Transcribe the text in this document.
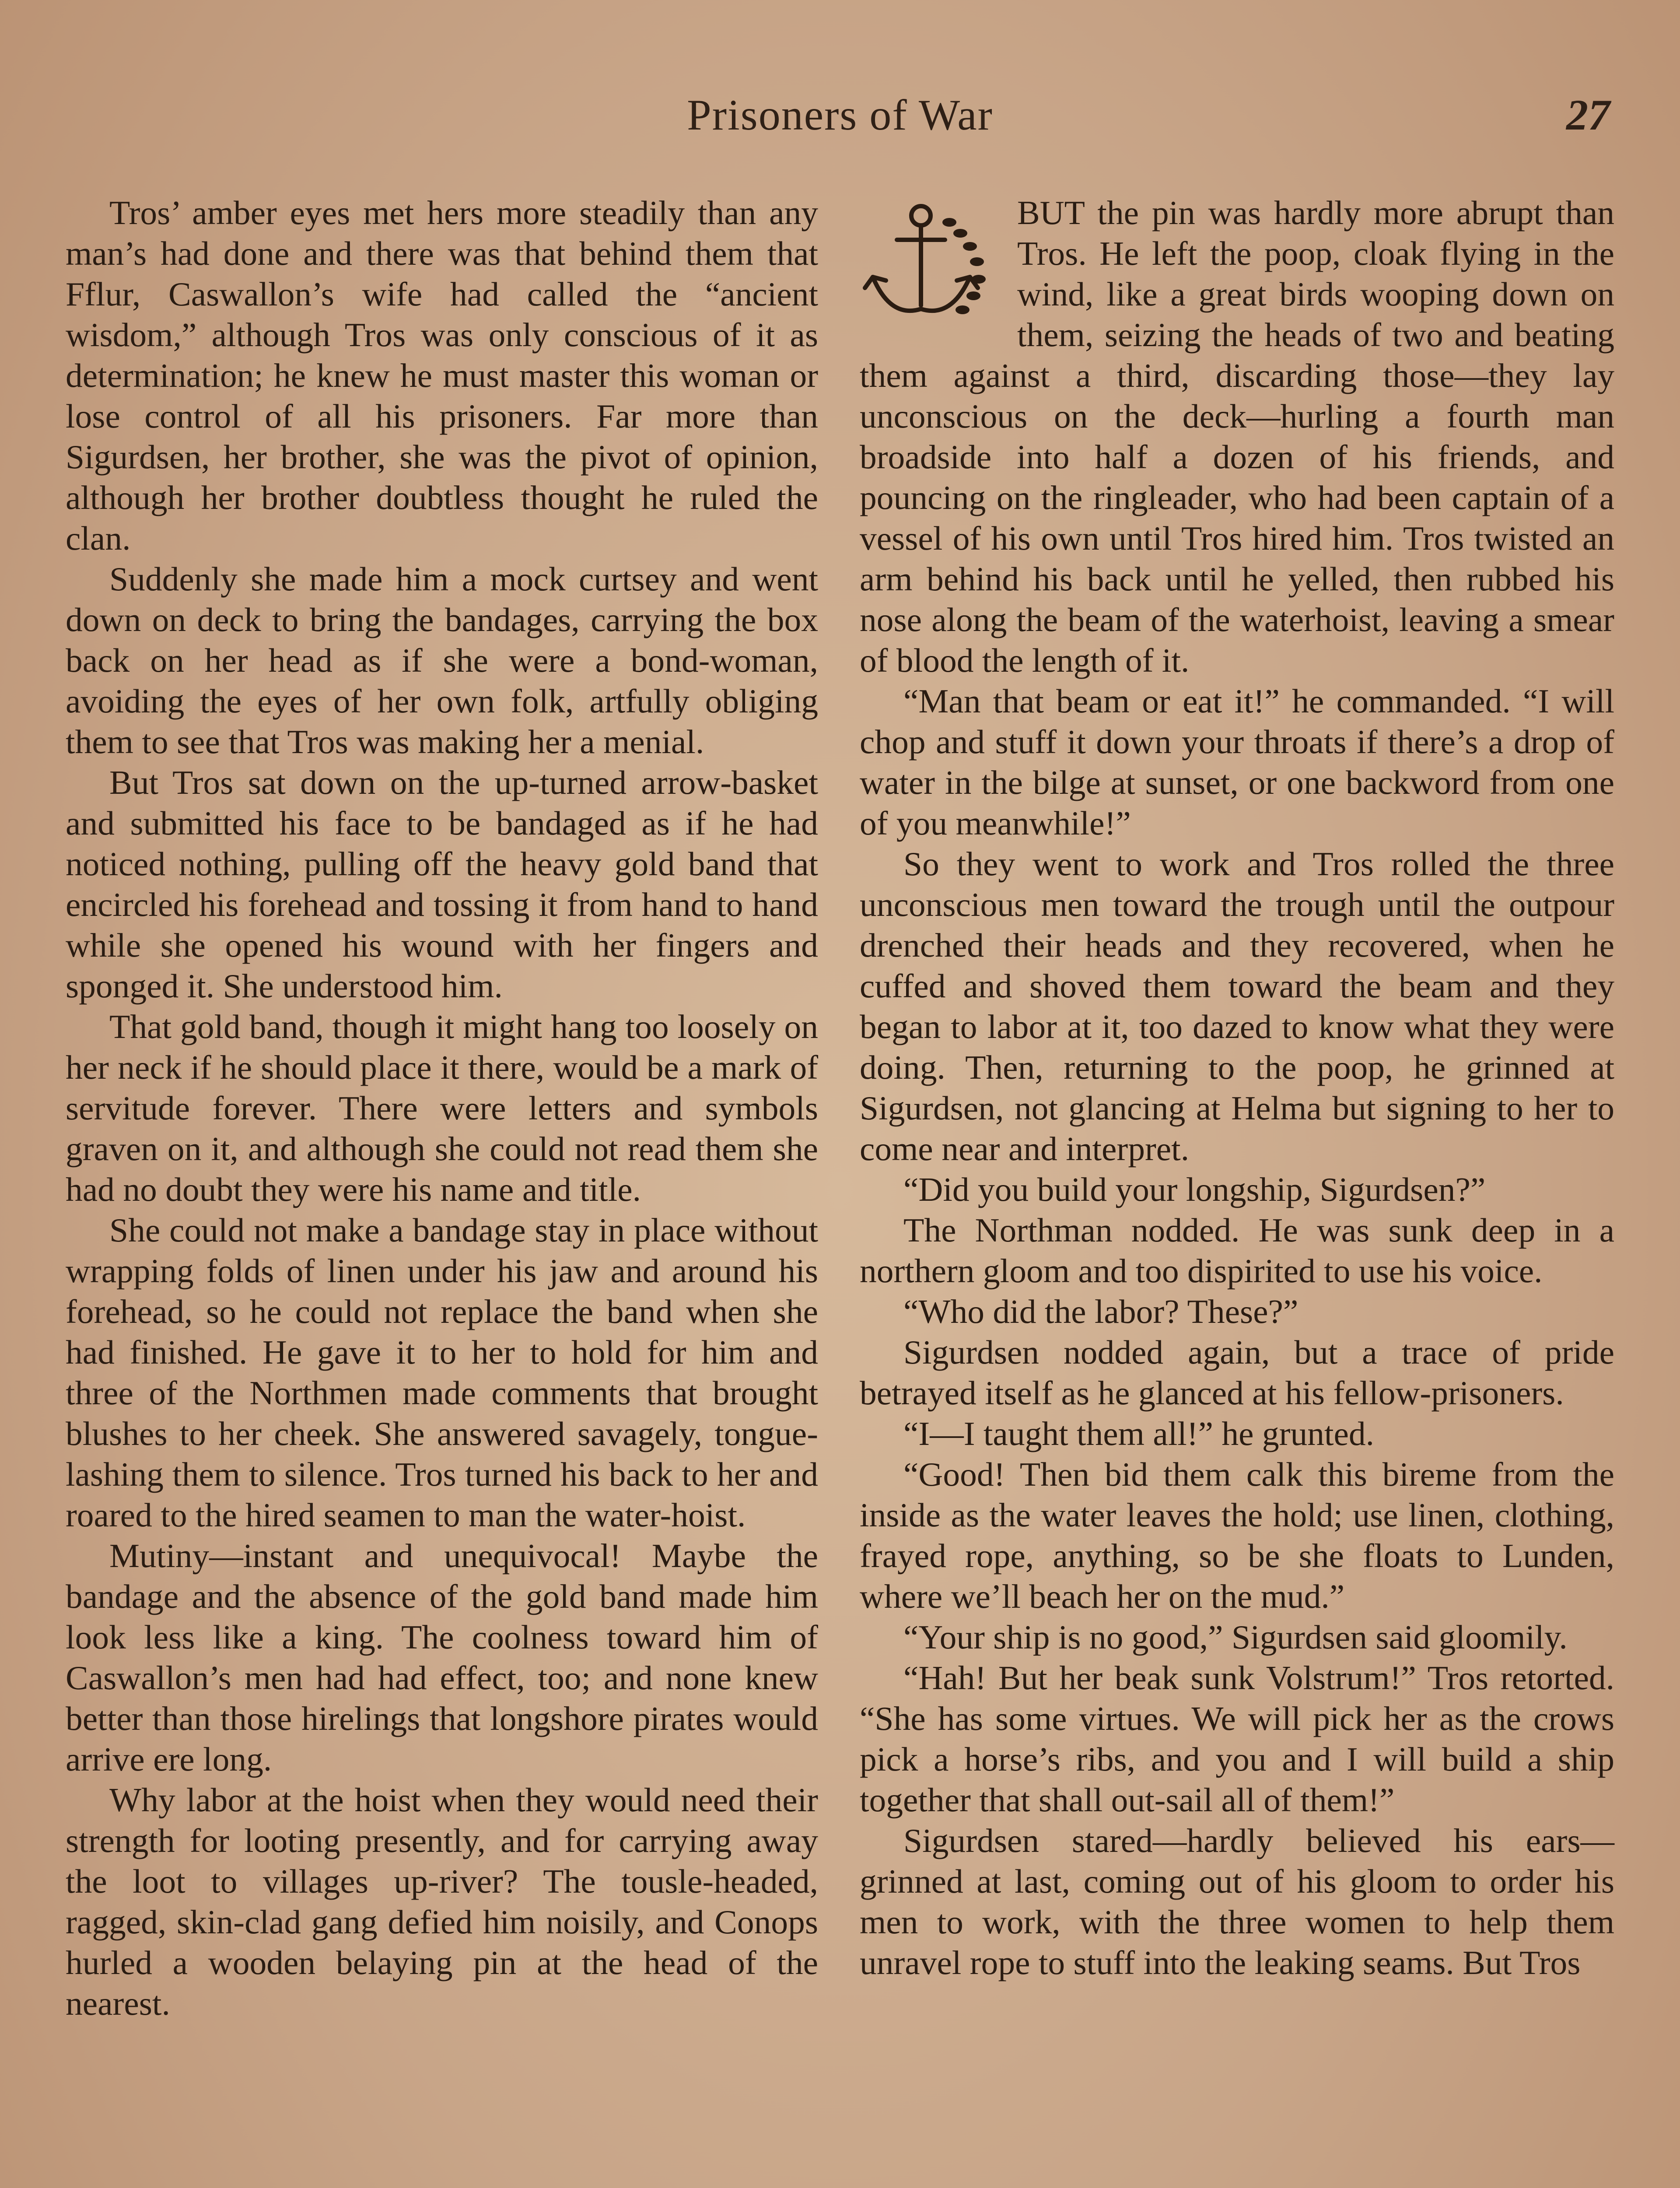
Prisoners of War	27

Tros’ amber eyes met hers more steadily than any man’s had done and there was that behind them that Fflur, Caswallon’s wife had called the “ancient wisdom,” although Tros was only conscious of it as determination; he knew he must master this woman or lose control of all his prisoners. Far more than Sigurdsen, her brother, she was the pivot of opinion, although her brother doubtless thought he ruled the clan.

Suddenly she made him a mock curtsey and went down on deck to bring the bandages, carrying the box back on her head as if she were a bond-woman, avoiding the eyes of her own folk, artfully obliging them to see that Tros was making her a menial.

But Tros sat down on the up-turned arrow-basket and submitted his face to be bandaged as if he had noticed nothing, pulling off the heavy gold band that encircled his forehead and tossing it from hand to hand while she opened his wound with her fingers and sponged it. She understood him.

That gold band, though it might hang too loosely on her neck if he should place it there, would be a mark of servitude forever. There were letters and symbols graven on it, and although she could not read them she had no doubt they were his name and title.

She could not make a bandage stay in place without wrapping folds of linen under his jaw and around his forehead, so he could not replace the band when she had finished. He gave it to her to hold for him and three of the Northmen made comments that brought blushes to her cheek. She answered savagely, tongue-lashing them to silence. Tros turned his back to her and roared to the hired seamen to man the water-hoist.

Mutiny—instant and unequivocal! Maybe the bandage and the absence of the gold band made him look less like a king. The coolness toward him of Caswallon’s men had had effect, too; and none knew better than those hirelings that longshore pirates would arrive ere long.

Why labor at the hoist when they would need their strength for looting presently, and for carrying away the loot to villages up-river? The tousle-headed, ragged, skin-clad gang defied him noisily, and Conops hurled a wooden belaying pin at the head of the nearest.

BUT the pin was hardly more abrupt than Tros. He left the poop, cloak flying in the wind, like a great birds wooping down on them, seizing the heads of two and beating them against a third, discarding those—they lay unconscious on the deck—hurling a fourth man broadside into half a dozen of his friends, and pouncing on the ringleader, who had been captain of a vessel of his own until Tros hired him. Tros twisted an arm behind his back until he yelled, then rubbed his nose along the beam of the waterhoist, leaving a smear of blood the length of it.

“Man that beam or eat it!” he commanded. “I will chop and stuff it down your throats if there’s a drop of water in the bilge at sunset, or one backword from one of you meanwhile!”

So they went to work and Tros rolled the three unconscious men toward the trough until the outpour drenched their heads and they recovered, when he cuffed and shoved them toward the beam and they began to labor at it, too dazed to know what they were doing. Then, returning to the poop, he grinned at Sigurdsen, not glancing at Helma but signing to her to come near and interpret.

“Did you build your longship, Sigurdsen?”

The Northman nodded. He was sunk deep in a northern gloom and too dispirited to use his voice.

“Who did the labor? These?”

Sigurdsen nodded again, but a trace of pride betrayed itself as he glanced at his fellow-prisoners.

“I—I taught them all!” he grunted.

“Good! Then bid them calk this bireme from the inside as the water leaves the hold; use linen, clothing, frayed rope, anything, so be she floats to Lunden, where we’ll beach her on the mud.”

“Your ship is no good,” Sigurdsen said gloomily.

“Hah! But her beak sunk Volstrum!” Tros retorted. “She has some virtues. We will pick her as the crows pick a horse’s ribs, and you and I will build a ship together that shall out-sail all of them!”

Sigurdsen stared—hardly believed his ears—grinned at last, coming out of his gloom to order his men to work, with the three women to help them unravel rope to stuff into the leaking seams. But Tros
